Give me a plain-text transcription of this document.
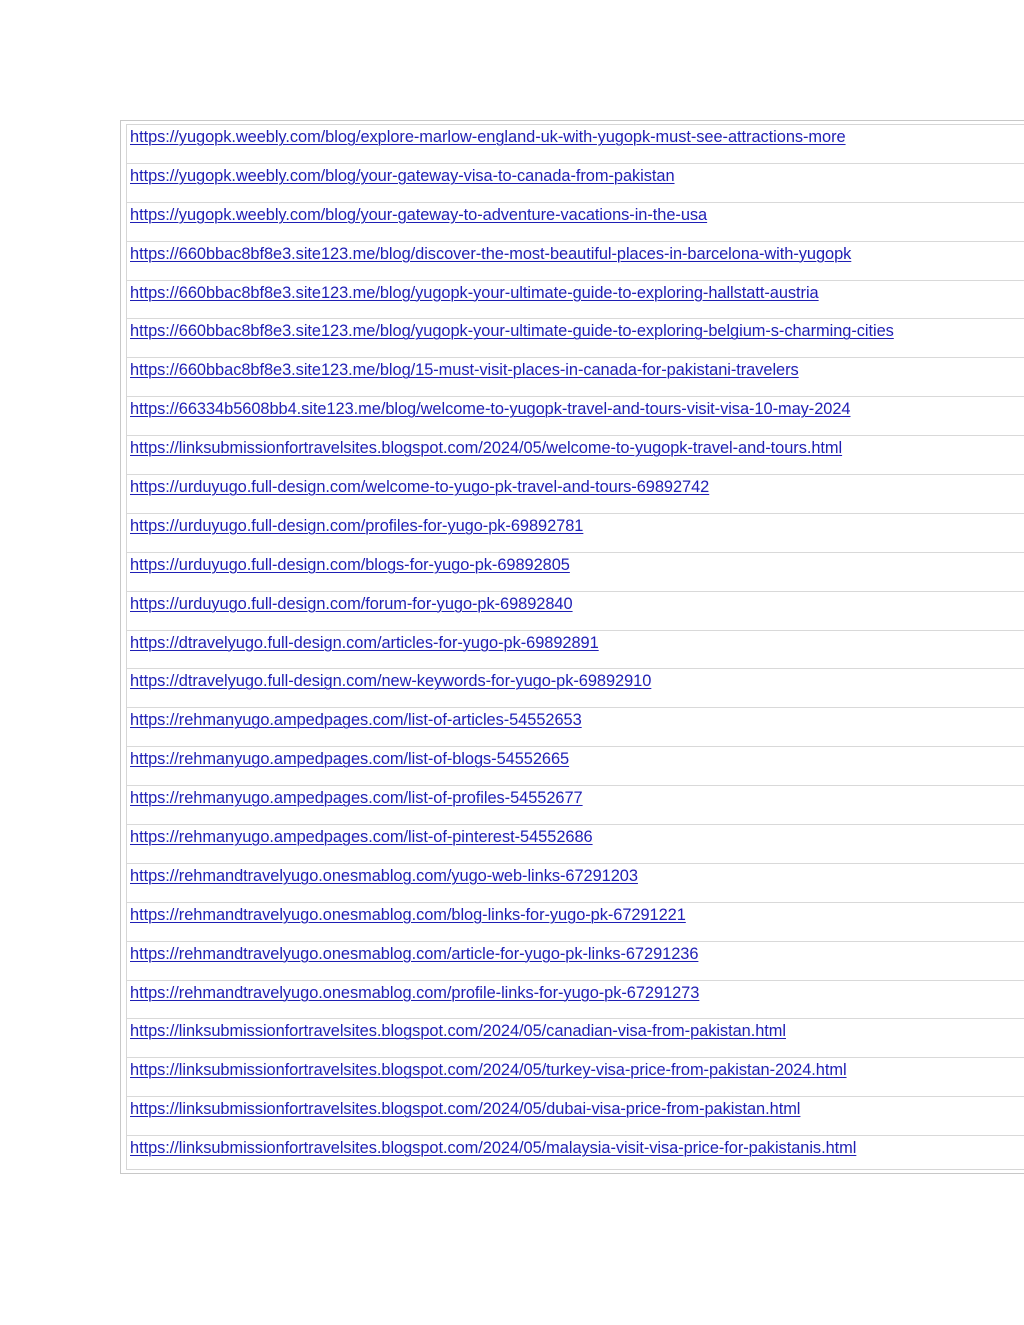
https://yugopk.weebly.com/blog/explore-marlow-england-uk-with-yugopk-must-see-attractions-more
https://yugopk.weebly.com/blog/your-gateway-visa-to-canada-from-pakistan
https://yugopk.weebly.com/blog/your-gateway-to-adventure-vacations-in-the-usa
https://660bbac8bf8e3.site123.me/blog/discover-the-most-beautiful-places-in-barcelona-with-yugopk
https://660bbac8bf8e3.site123.me/blog/yugopk-your-ultimate-guide-to-exploring-hallstatt-austria
https://660bbac8bf8e3.site123.me/blog/yugopk-your-ultimate-guide-to-exploring-belgium-s-charming-cities
https://660bbac8bf8e3.site123.me/blog/15-must-visit-places-in-canada-for-pakistani-travelers
https://66334b5608bb4.site123.me/blog/welcome-to-yugopk-travel-and-tours-visit-visa-10-may-2024
https://linksubmissionfortravelsites.blogspot.com/2024/05/welcome-to-yugopk-travel-and-tours.html
https://urduyugo.full-design.com/welcome-to-yugo-pk-travel-and-tours-69892742
https://urduyugo.full-design.com/profiles-for-yugo-pk-69892781
https://urduyugo.full-design.com/blogs-for-yugo-pk-69892805
https://urduyugo.full-design.com/forum-for-yugo-pk-69892840
https://dtravelyugo.full-design.com/articles-for-yugo-pk-69892891
https://dtravelyugo.full-design.com/new-keywords-for-yugo-pk-69892910
https://rehmanyugo.ampedpages.com/list-of-articles-54552653
https://rehmanyugo.ampedpages.com/list-of-blogs-54552665
https://rehmanyugo.ampedpages.com/list-of-profiles-54552677
https://rehmanyugo.ampedpages.com/list-of-pinterest-54552686
https://rehmandtravelyugo.onesmablog.com/yugo-web-links-67291203
https://rehmandtravelyugo.onesmablog.com/blog-links-for-yugo-pk-67291221
https://rehmandtravelyugo.onesmablog.com/article-for-yugo-pk-links-67291236
https://rehmandtravelyugo.onesmablog.com/profile-links-for-yugo-pk-67291273
https://linksubmissionfortravelsites.blogspot.com/2024/05/canadian-visa-from-pakistan.html
https://linksubmissionfortravelsites.blogspot.com/2024/05/turkey-visa-price-from-pakistan-2024.html
https://linksubmissionfortravelsites.blogspot.com/2024/05/dubai-visa-price-from-pakistan.html
https://linksubmissionfortravelsites.blogspot.com/2024/05/malaysia-visit-visa-price-for-pakistanis.html
